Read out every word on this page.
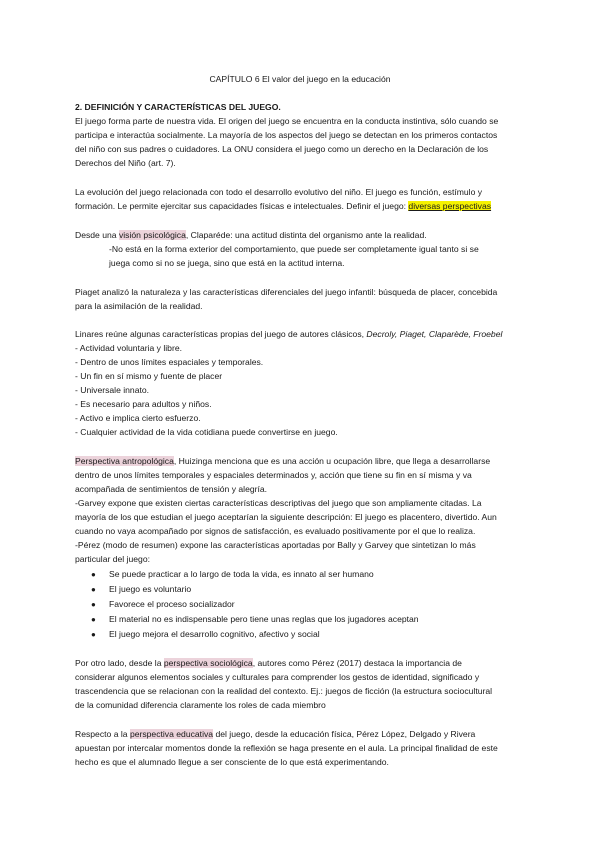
CAPÍTULO 6 El valor del juego en la educación
2. DEFINICIÓN Y CARACTERÍSTICAS DEL JUEGO.
El juego forma parte de nuestra vida. El origen del juego se encuentra en la conducta instintiva, sólo cuando se
participa e interactúa socialmente. La mayoría de los aspectos del juego se detectan en los primeros contactos
del niño con sus padres o cuidadores. La ONU considera el juego como un derecho en la Declaración de los
Derechos del Niño (art. 7).
La evolución del juego relacionada con todo el desarrollo evolutivo del niño. El juego es función, estímulo y
formación. Le permite ejercitar sus capacidades físicas e intelectuales. Definir el juego: diversas perspectivas
Desde una visión psicológica, Claparéde: una actitud distinta del organismo ante la realidad.
-No está en la forma exterior del comportamiento, que puede ser completamente igual tanto si se
juega como si no se juega, sino que está en la actitud interna.
Piaget analizó la naturaleza y las características diferenciales del juego infantil: búsqueda de placer, concebida
para la asimilación de la realidad.
Linares reúne algunas características propias del juego de autores clásicos, Decroly, Piaget, Claparède, Froebel
- Actividad voluntaria y libre.
- Dentro de unos límites espaciales y temporales.
- Un fin en sí mismo y fuente de placer
- Universale innato.
- Es necesario para adultos y niños.
- Activo e implica cierto esfuerzo.
- Cualquier actividad de la vida cotidiana puede convertirse en juego.
Perspectiva antropológica, Huizinga menciona que es una acción u ocupación libre, que llega a desarrollarse
dentro de unos límites temporales y espaciales determinados y, acción que tiene su fin en sí misma y va
acompañada de sentimientos de tensión y alegría.
-Garvey expone que existen ciertas características descriptivas del juego que son ampliamente citadas. La
mayoría de los que estudian el juego aceptarían la siguiente descripción: El juego es placentero, divertido. Aun
cuando no vaya acompañado por signos de satisfacción, es evaluado positivamente por el que lo realiza.
-Pérez (modo de resumen) expone las características aportadas por Bally y Garvey que sintetizan lo más
particular del juego:
● Se puede practicar a lo largo de toda la vida, es innato al ser humano
● El juego es voluntario
● Favorece el proceso socializador
● El material no es indispensable pero tiene unas reglas que los jugadores aceptan
● El juego mejora el desarrollo cognitivo, afectivo y social
Por otro lado, desde la perspectiva sociológica, autores como Pérez (2017) destaca la importancia de
considerar algunos elementos sociales y culturales para comprender los gestos de identidad, significado y
trascendencia que se relacionan con la realidad del contexto. Ej.: juegos de ficción (la estructura sociocultural
de la comunidad diferencia claramente los roles de cada miembro
Respecto a la perspectiva educativa del juego, desde la educación física, Pérez López, Delgado y Rivera
apuestan por intercalar momentos donde la reflexión se haga presente en el aula. La principal finalidad de este
hecho es que el alumnado llegue a ser consciente de lo que está experimentando.
